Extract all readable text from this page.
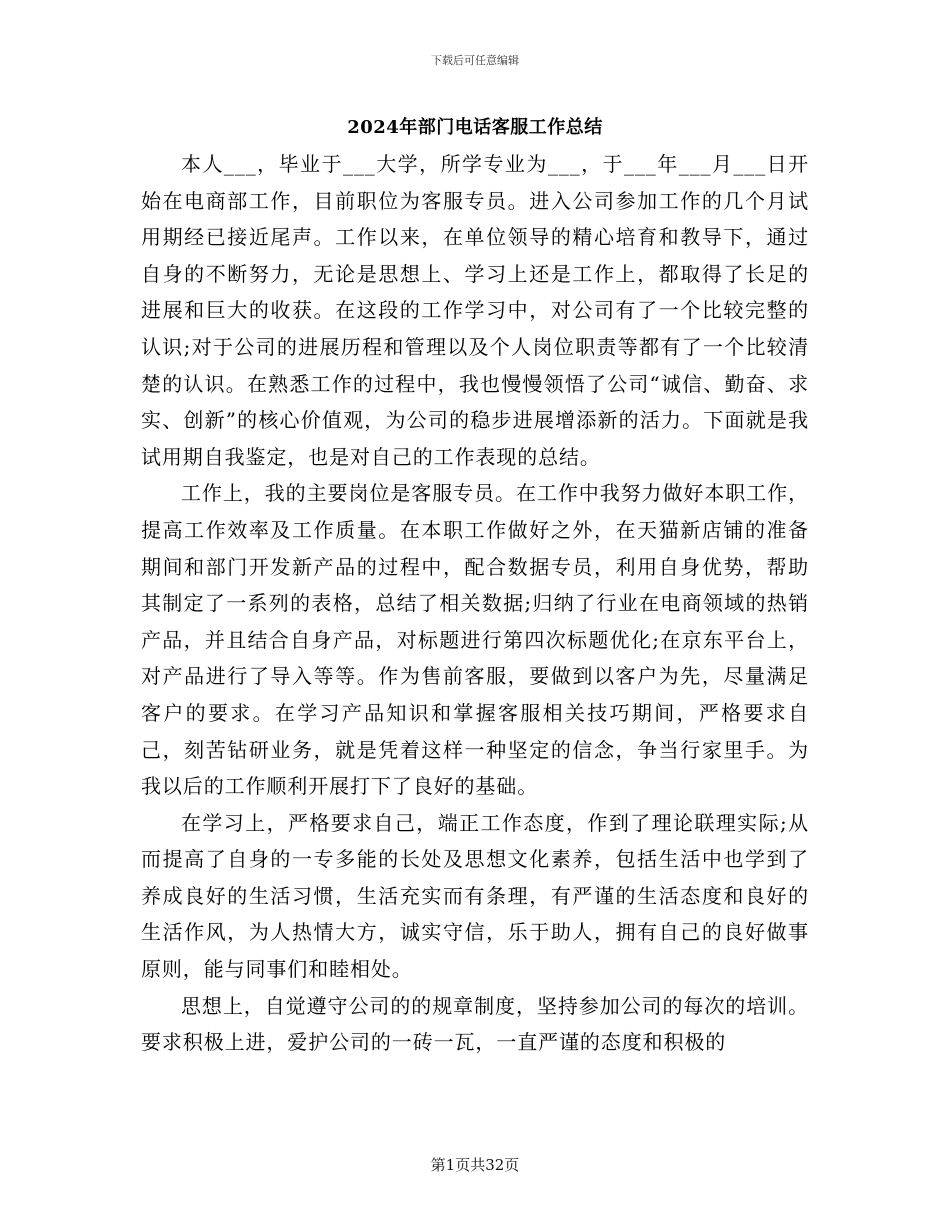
下载后可任意编辑
2024年部门电话客服工作总结

本人___，毕业于___大学，所学专业为___，于___年___月___日开始在电商部工作，目前职位为客服专员。进入公司参加工作的几个月试用期经已接近尾声。工作以来，在单位领导的精心培育和教导下，通过自身的不断努力，无论是思想上、学习上还是工作上，都取得了长足的进展和巨大的收获。在这段的工作学习中，对公司有了一个比较完整的认识;对于公司的进展历程和管理以及个人岗位职责等都有了一个比较清楚的认识。在熟悉工作的过程中，我也慢慢领悟了公司“诚信、勤奋、求实、创新”的核心价值观，为公司的稳步进展增添新的活力。下面就是我试用期自我鉴定，也是对自己的工作表现的总结。

工作上，我的主要岗位是客服专员。在工作中我努力做好本职工作，提高工作效率及工作质量。在本职工作做好之外，在天猫新店铺的准备期间和部门开发新产品的过程中，配合数据专员，利用自身优势，帮助其制定了一系列的表格，总结了相关数据;归纳了行业在电商领域的热销产品，并且结合自身产品，对标题进行第四次标题优化;在京东平台上，对产品进行了导入等等。作为售前客服，要做到以客户为先，尽量满足客户的要求。在学习产品知识和掌握客服相关技巧期间，严格要求自己，刻苦钻研业务，就是凭着这样一种坚定的信念，争当行家里手。为我以后的工作顺利开展打下了良好的基础。

在学习上，严格要求自己，端正工作态度，作到了理论联理实际;从而提高了自身的一专多能的长处及思想文化素养，包括生活中也学到了养成良好的生活习惯，生活充实而有条理，有严谨的生活态度和良好的生活作风，为人热情大方，诚实守信，乐于助人，拥有自己的良好做事原则，能与同事们和睦相处。

思想上，自觉遵守公司的的规章制度，坚持参加公司的每次的培训。要求积极上进，爱护公司的一砖一瓦，一直严谨的态度和积极的

第1页共32页
